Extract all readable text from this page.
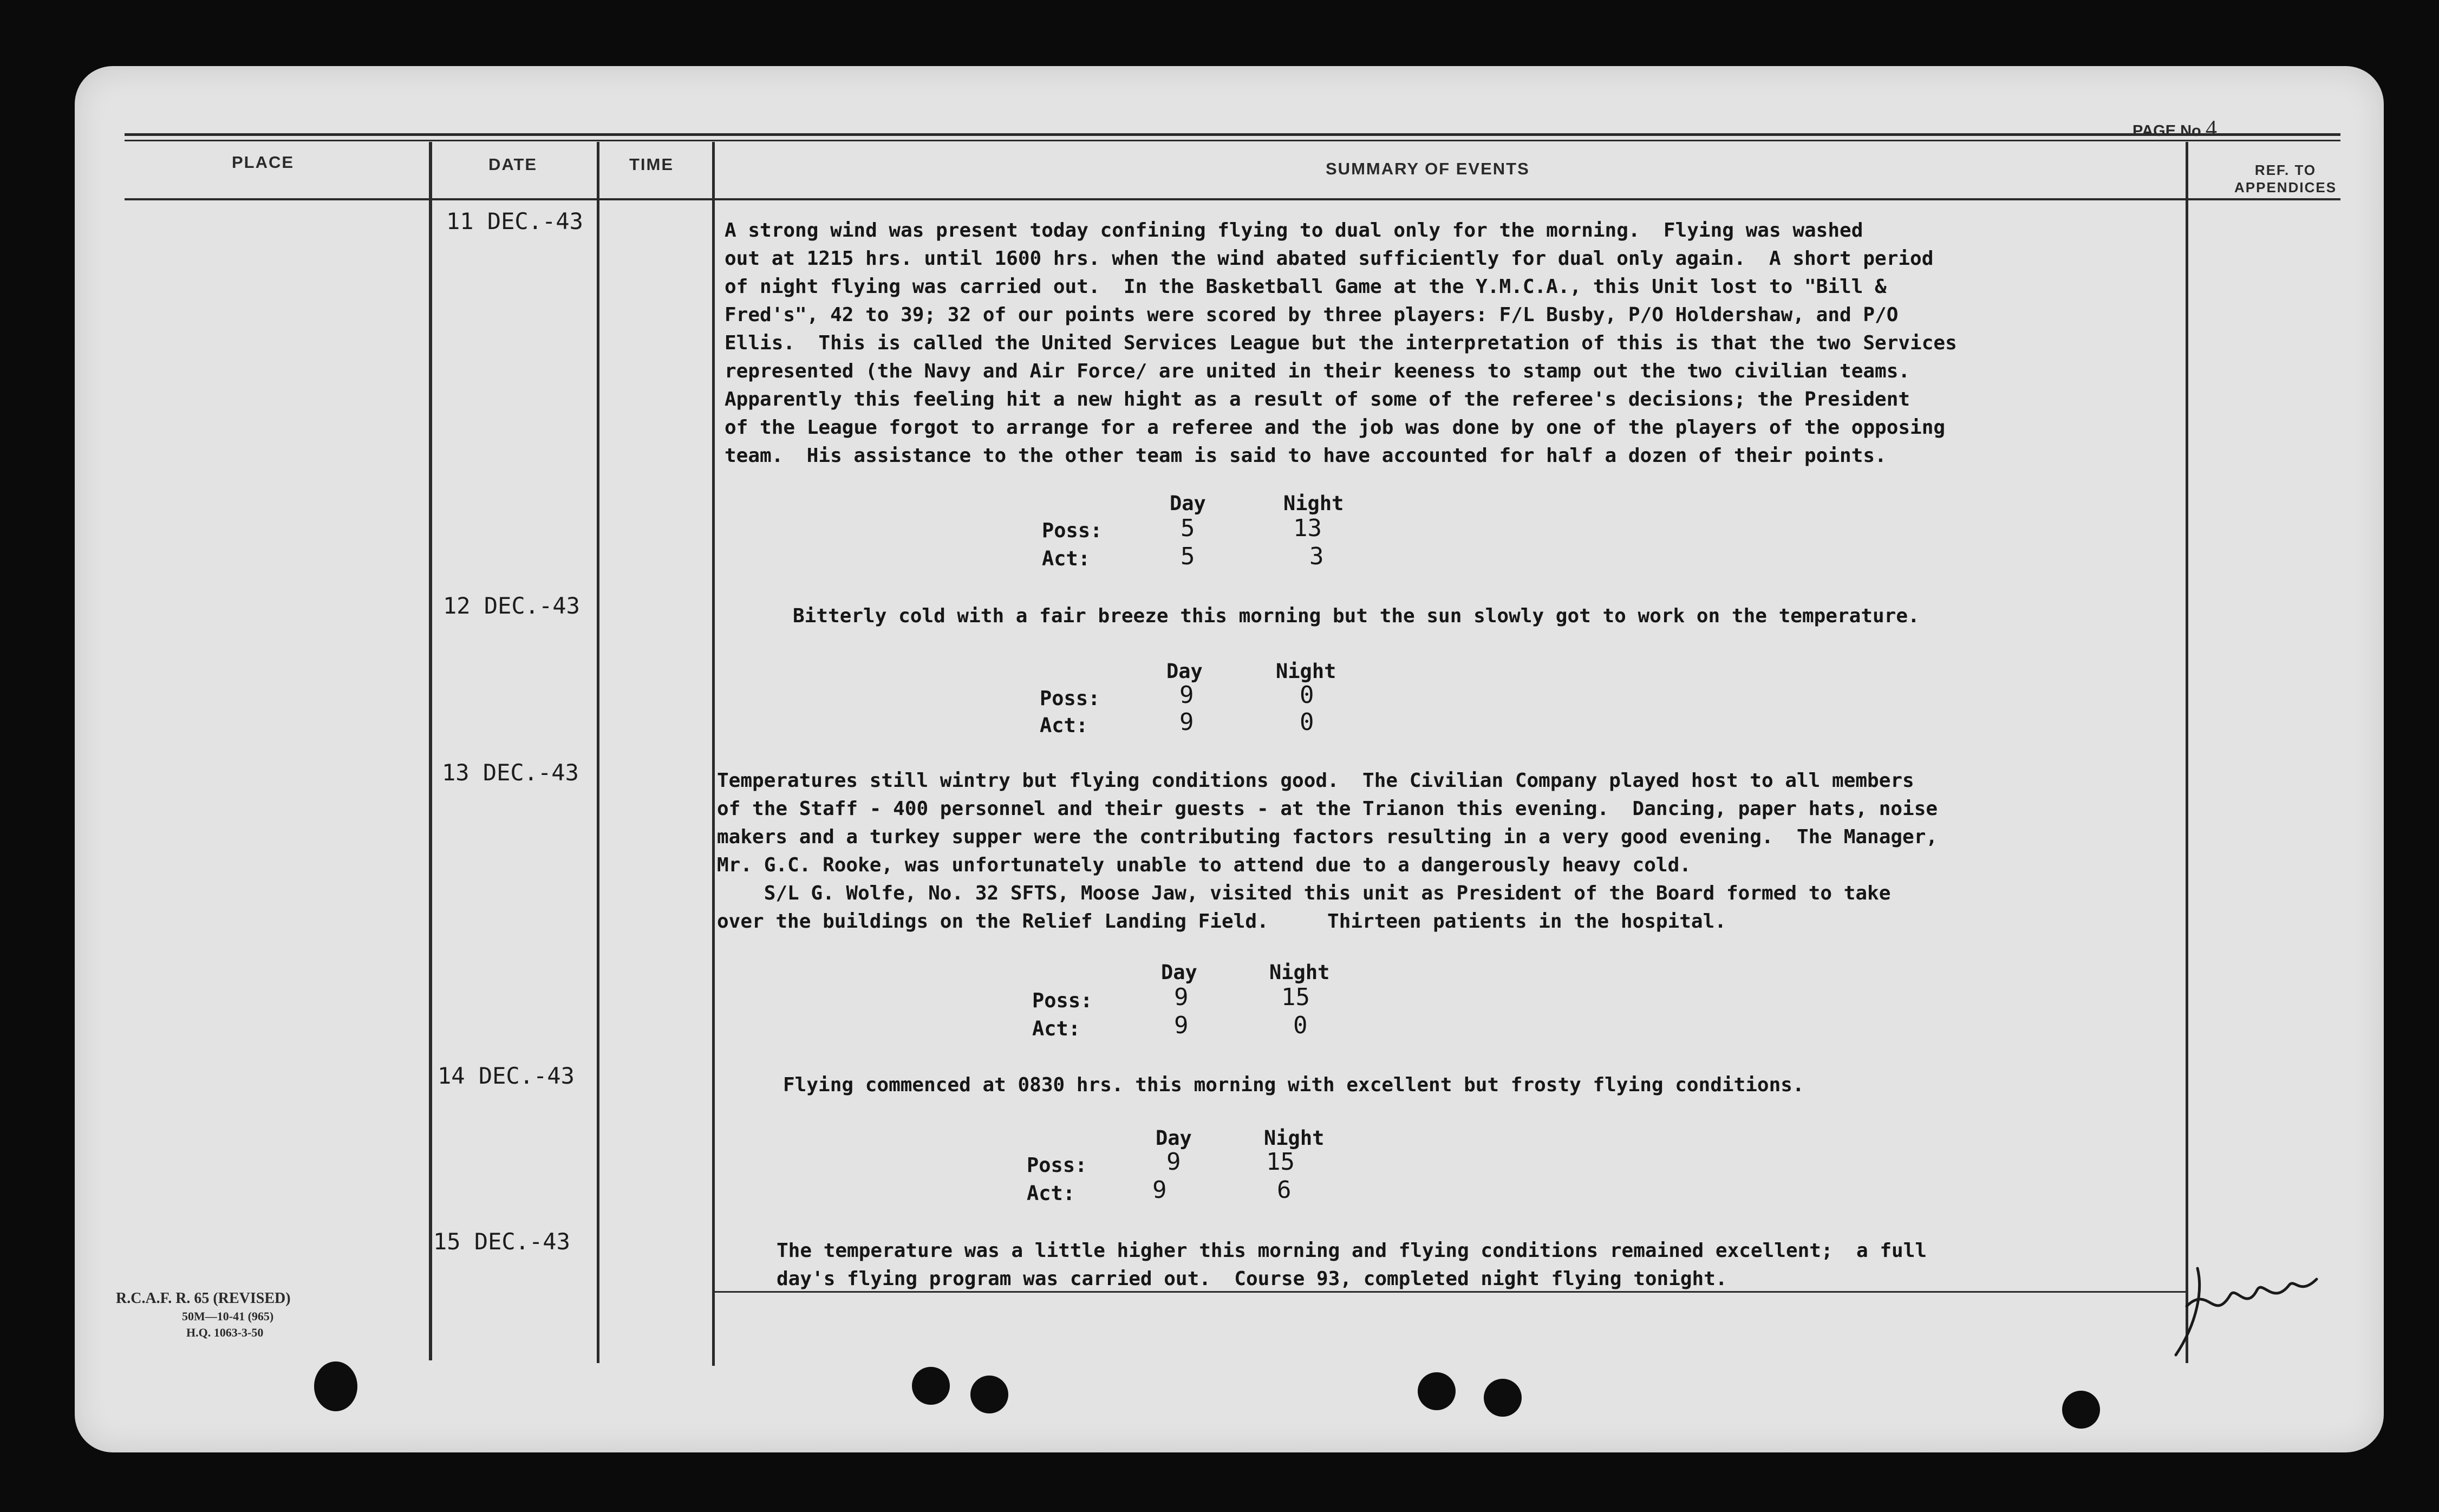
PAGE No.4.........
PLACE	DATE	TIME	SUMMARY OF EVENTS	REF. TO
APPENDICES
11 DEC.-43	A strong wind was present today confining flying to dual only for the morning.  Flying was washed
out at 1215 hrs. until 1600 hrs. when the wind abated sufficiently for dual only again.  A short period
of night flying was carried out.  In the Basketball Game at the Y.M.C.A., this Unit lost to "Bill &
Fred's", 42 to 39; 32 of our points were scored by three players: F/L Busby, P/O Holdershaw, and P/O
Ellis.  This is called the United Services League but the interpretation of this is that the two Services
represented (the Navy and Air Force/ are united in their keeness to stamp out the two civilian teams.
Apparently this feeling hit a new hight as a result of some of the referee's decisions; the President
of the League forgot to arrange for a referee and the job was done by one of the players of the opposing
team.  His assistance to the other team is said to have accounted for half a dozen of their points.
Day	Night
Poss:	5	13
Act:	5	3
12 DEC.-43	Bitterly cold with a fair breeze this morning but the sun slowly got to work on the temperature.
Day	Night
Poss:	9	0
Act:	9	0
13 DEC.-43	Temperatures still wintry but flying conditions good.  The Civilian Company played host to all members
of the Staff - 400 personnel and their guests - at the Trianon this evening.  Dancing, paper hats, noise
makers and a turkey supper were the contributing factors resulting in a very good evening.  The Manager,
Mr. G.C. Rooke, was unfortunately unable to attend due to a dangerously heavy cold.
S/L G. Wolfe, No. 32 SFTS, Moose Jaw, visited this unit as President of the Board formed to take
over the buildings on the Relief Landing Field.     Thirteen patients in the hospital.
Day	Night
Poss:	9	15
Act:	9	0
14 DEC.-43	Flying commenced at 0830 hrs. this morning with excellent but frosty flying conditions.
Day	Night
Poss:	9	15
Act:	9	6
15 DEC.-43	The temperature was a little higher this morning and flying conditions remained excellent;  a full
day's flying program was carried out.  Course 93, completed night flying tonight.
R.C.A.F. R. 65 (REVISED)
50M—10-41 (965)
H.Q. 1063-3-50
